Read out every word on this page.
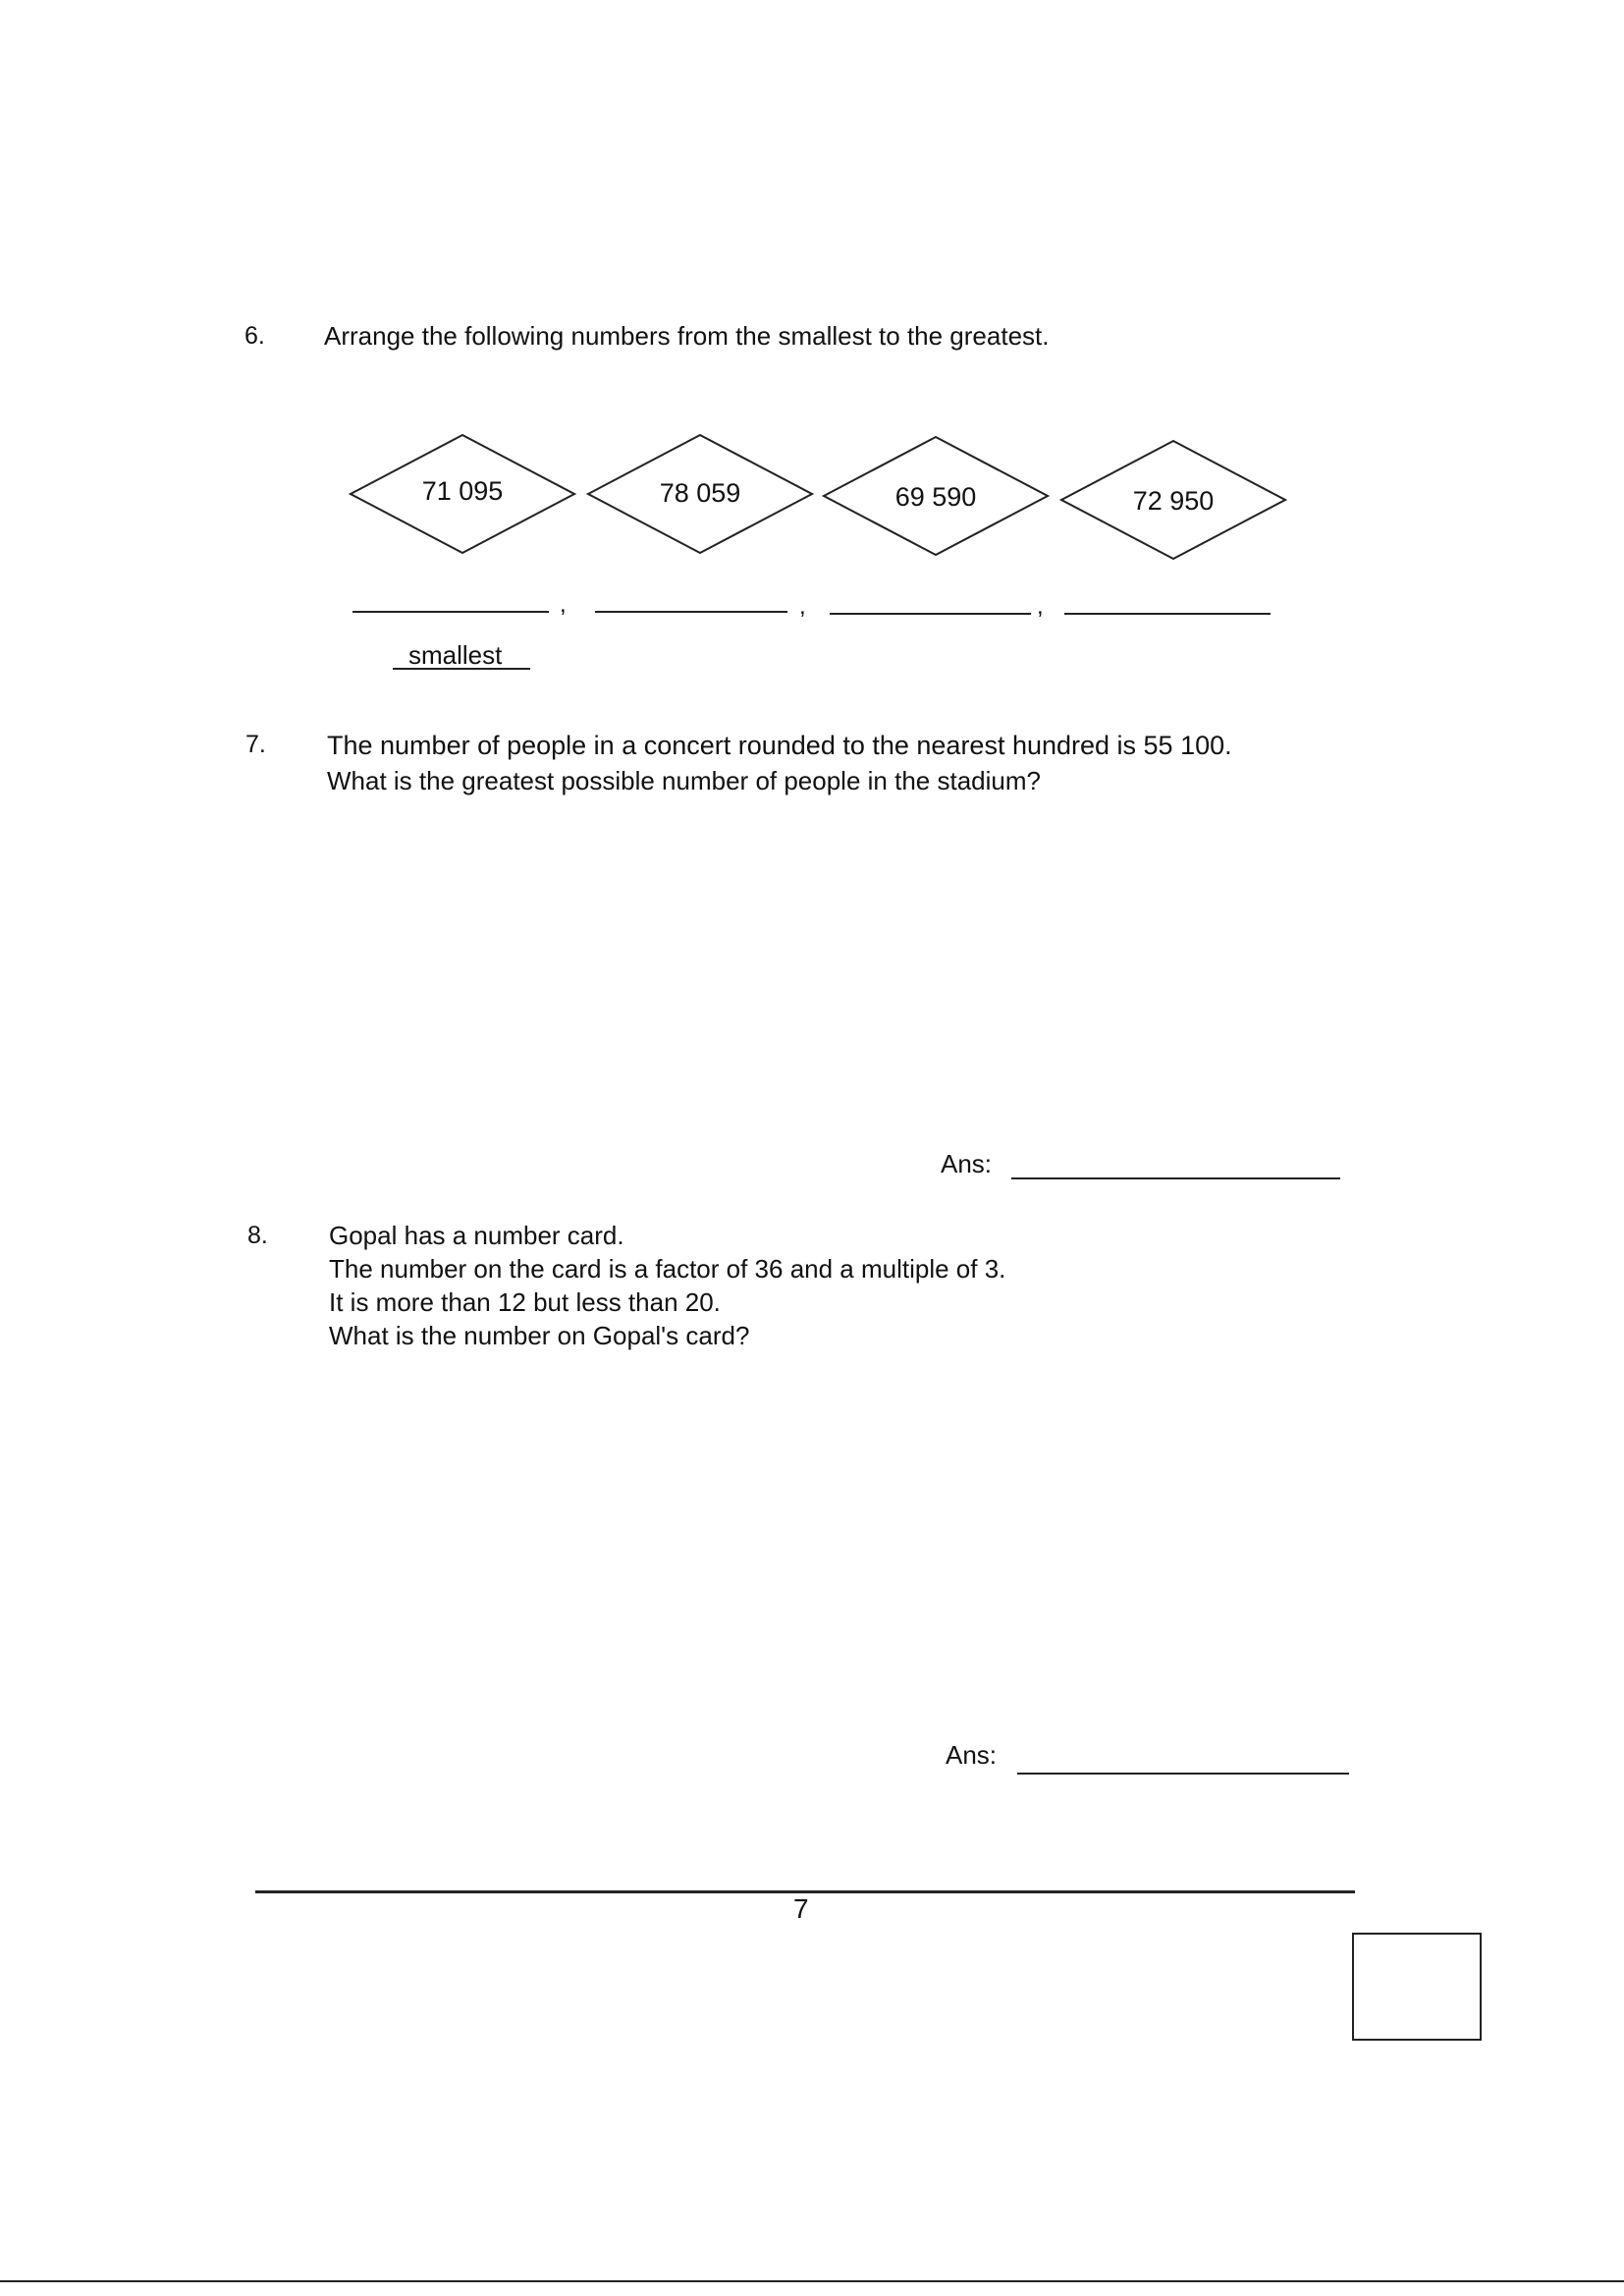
6. Arrange the following numbers from the smallest to the greatest.
71 095	78 059	69 590	72 950
,	,	,
smallest
7. The number of people in a concert rounded to the nearest hundred is 55 100.
What is the greatest possible number of people in the stadium?
Ans:
8. Gopal has a number card.
The number on the card is a factor of 36 and a multiple of 3.
It is more than 12 but less than 20.
What is the number on Gopal's card?
Ans:
7
